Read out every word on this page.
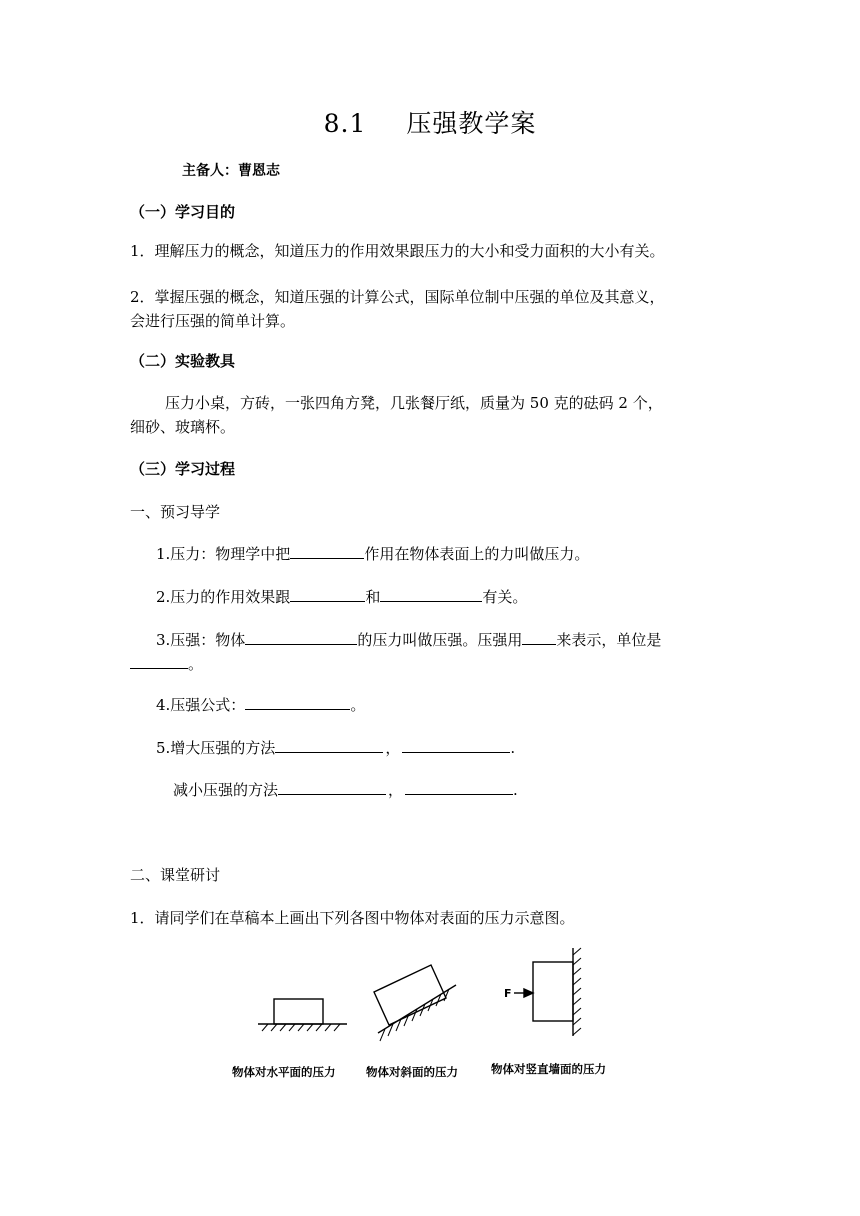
8.1 压强教学案
主备人：曹恩志
（一）学习目的
1．理解压力的概念，知道压力的作用效果跟压力的大小和受力面积的大小有关。
2．掌握压强的概念，知道压强的计算公式，国际单位制中压强的单位及其意义，
会进行压强的简单计算。
（二）实验教具
压力小桌，方砖，一张四角方凳，几张餐厅纸，质量为 50 克的砝码 2 个，
细砂、玻璃杯。
（三）学习过程
一、预习导学
1.压力：物理学中把	作用在物体表面上的力叫做压力。
2.压力的作用效果跟	和	有关。
3.压强：物体	的压力叫做压强。压强用 来表示，单位是
。
4.压强公式：	。
5.增大压强的方法	，	.
减小压强的方法	，	.
二、课堂研讨
1．请同学们在草稿本上画出下列各图中物体对表面的压力示意图。
F
物体对水平面的压力	物体对斜面的压力	物体对竖直墙面的压力
